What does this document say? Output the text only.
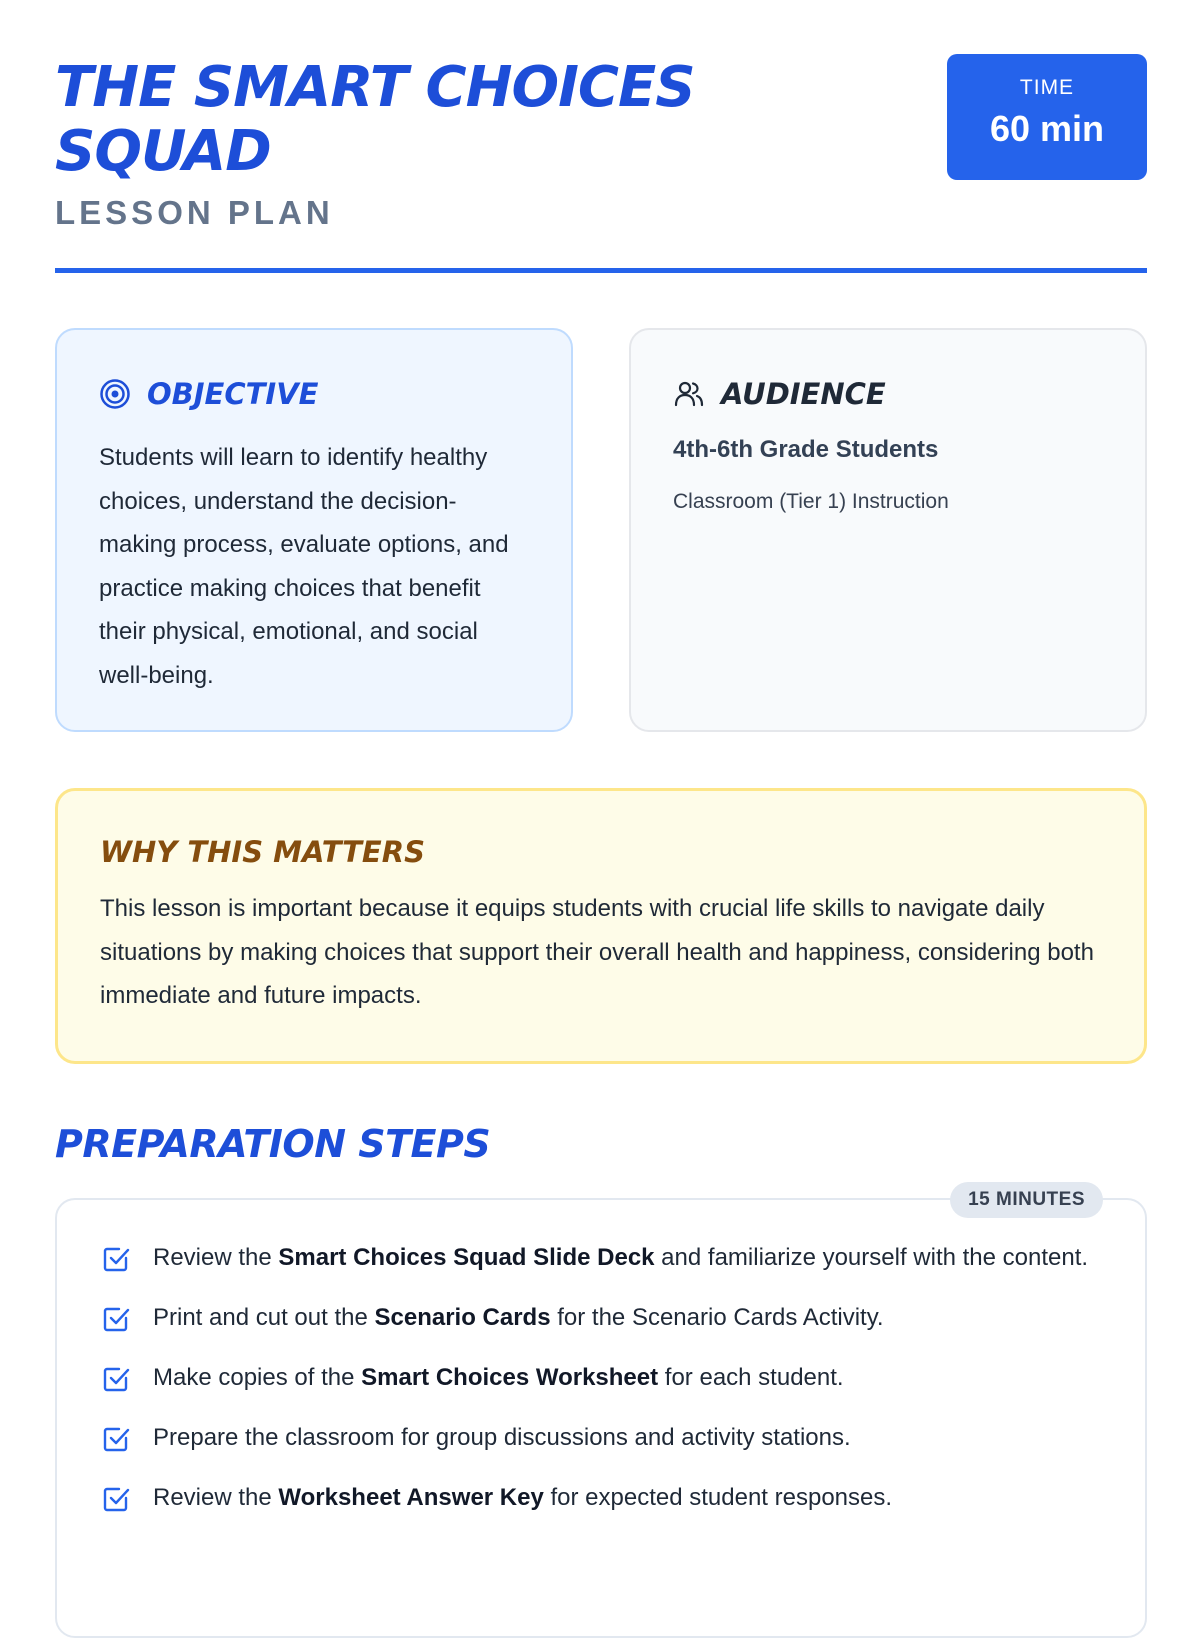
THE SMART CHOICES SQUAD
LESSON PLAN
TIME
60 min
OBJECTIVE

Students will learn to identify healthy choices, understand the decision-making process, evaluate options, and practice making choices that benefit their physical, emotional, and social well-being.

AUDIENCE
4th-6th Grade Students
Classroom (Tier 1) Instruction
WHY THIS MATTERS

This lesson is important because it equips students with crucial life skills to navigate daily situations by making choices that support their overall health and happiness, considering both immediate and future impacts.

PREPARATION STEPS
15 MINUTES
Review the Smart Choices Squad Slide Deck and familiarize yourself with the content.
Print and cut out the Scenario Cards for the Scenario Cards Activity.
Make copies of the Smart Choices Worksheet for each student.
Prepare the classroom for group discussions and activity stations.
Review the Worksheet Answer Key for expected student responses.
